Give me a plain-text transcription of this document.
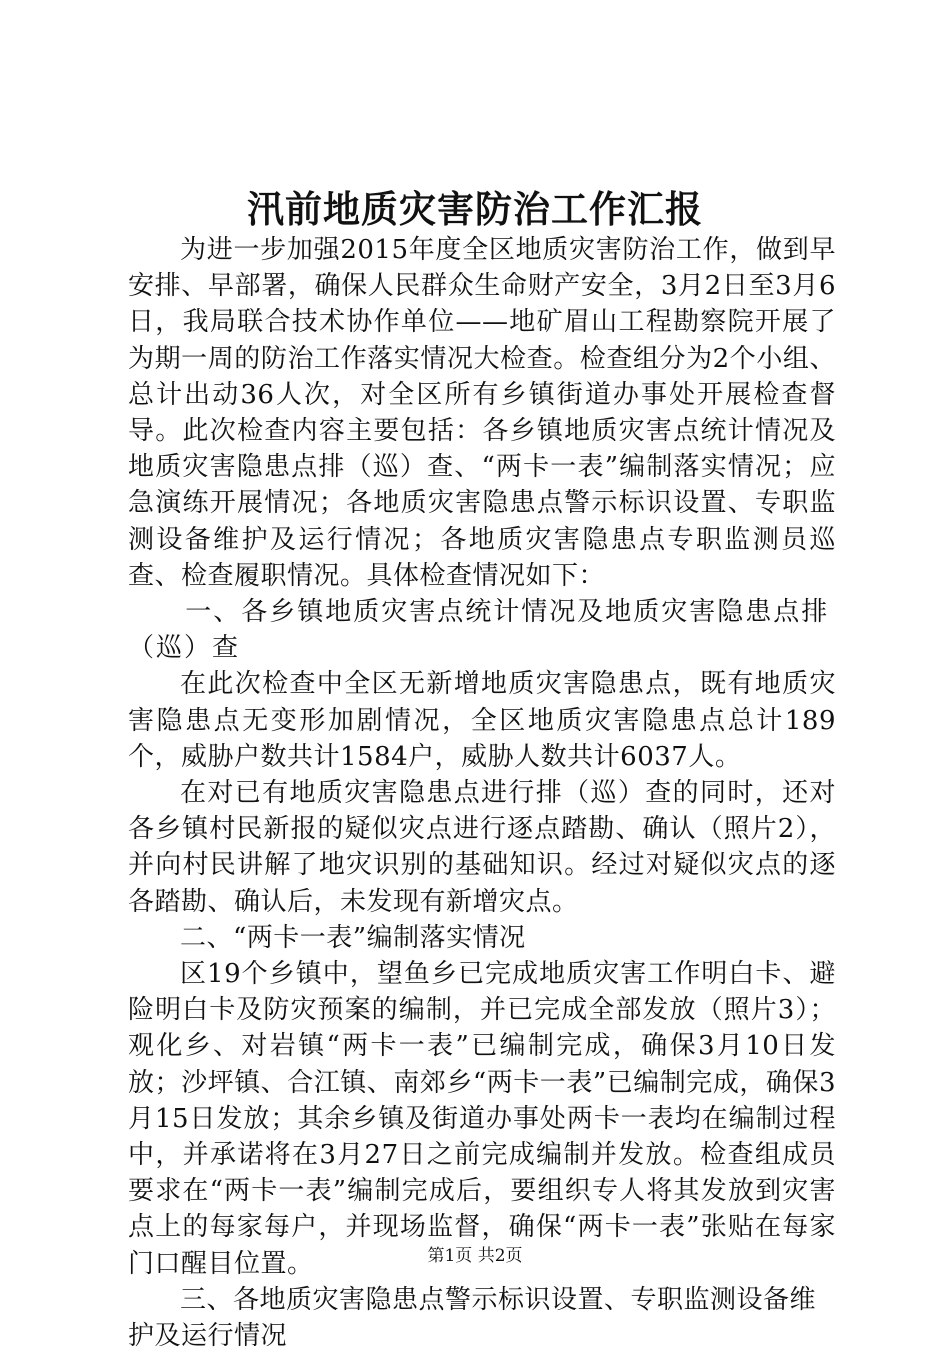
汛前地质灾害防治工作汇报

为进一步加强2015年度全区地质灾害防治工作，做到早安排、早部署，确保人民群众生命财产安全，3月2日至3月6日，我局联合技术协作单位——地矿眉山工程勘察院开展了为期一周的防治工作落实情况大检查。检查组分为2个小组、总计出动36人次，对全区所有乡镇街道办事处开展检查督导。此次检查内容主要包括：各乡镇地质灾害点统计情况及地质灾害隐患点排（巡）查、“两卡一表”编制落实情况；应急演练开展情况；各地质灾害隐患点警示标识设置、专职监测设备维护及运行情况；各地质灾害隐患点专职监测员巡查、检查履职情况。具体检查情况如下：

一、各乡镇地质灾害点统计情况及地质灾害隐患点排（巡）查

在此次检查中全区无新增地质灾害隐患点，既有地质灾害隐患点无变形加剧情况，全区地质灾害隐患点总计189个，威胁户数共计1584户，威胁人数共计6037人。

在对已有地质灾害隐患点进行排（巡）查的同时，还对各乡镇村民新报的疑似灾点进行逐点踏勘、确认（照片2），并向村民讲解了地灾识别的基础知识。经过对疑似灾点的逐各踏勘、确认后，未发现有新增灾点。

二、“两卡一表”编制落实情况

区19个乡镇中，望鱼乡已完成地质灾害工作明白卡、避险明白卡及防灾预案的编制，并已完成全部发放（照片3）；观化乡、对岩镇“两卡一表”已编制完成，确保3月10日发放；沙坪镇、合江镇、南郊乡“两卡一表”已编制完成，确保3月15日发放；其余乡镇及街道办事处两卡一表均在编制过程中，并承诺将在3月27日之前完成编制并发放。检查组成员要求在“两卡一表”编制完成后，要组织专人将其发放到灾害点上的每家每户，并现场监督，确保“两卡一表”张贴在每家门口醒目位置。

三、各地质灾害隐患点警示标识设置、专职监测设备维护及运行情况

第1页 共2页
